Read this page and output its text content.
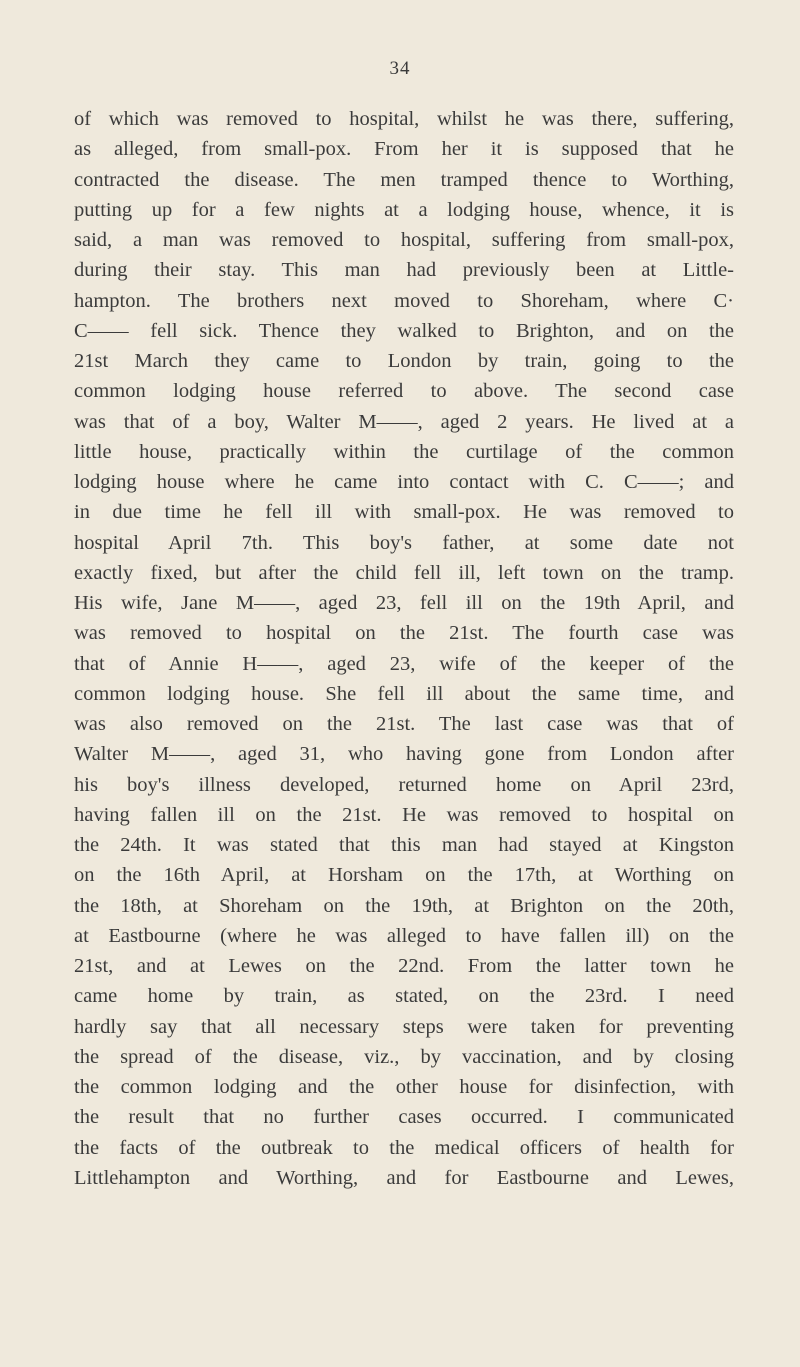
34
of which was removed to hospital, whilst he was there, suffering,
as alleged, from small-pox. From her it is supposed that he
contracted the disease. The men tramped thence to Worthing,
putting up for a few nights at a lodging house, whence, it is
said, a man was removed to hospital, suffering from small-pox,
during their stay. This man had previously been at Little-
hampton. The brothers next moved to Shoreham, where C·
C—— fell sick. Thence they walked to Brighton, and on the
21st March they came to London by train, going to the
common lodging house referred to above. The second case
was that of a boy, Walter M——, aged 2 years. He lived at a
little house, practically within the curtilage of the common
lodging house where he came into contact with C. C——; and
in due time he fell ill with small-pox. He was removed to
hospital April 7th. This boy's father, at some date not
exactly fixed, but after the child fell ill, left town on the tramp.
His wife, Jane M——, aged 23, fell ill on the 19th April, and
was removed to hospital on the 21st. The fourth case was
that of Annie H——, aged 23, wife of the keeper of the
common lodging house. She fell ill about the same time, and
was also removed on the 21st. The last case was that of
Walter M——, aged 31, who having gone from London after
his boy's illness developed, returned home on April 23rd,
having fallen ill on the 21st. He was removed to hospital on
the 24th. It was stated that this man had stayed at Kingston
on the 16th April, at Horsham on the 17th, at Worthing on
the 18th, at Shoreham on the 19th, at Brighton on the 20th,
at Eastbourne (where he was alleged to have fallen ill) on the
21st, and at Lewes on the 22nd. From the latter town he
came home by train, as stated, on the 23rd. I need
hardly say that all necessary steps were taken for preventing
the spread of the disease, viz., by vaccination, and by closing
the common lodging and the other house for disinfection, with
the result that no further cases occurred. I communicated
the facts of the outbreak to the medical officers of health for
Littlehampton and Worthing, and for Eastbourne and Lewes,
